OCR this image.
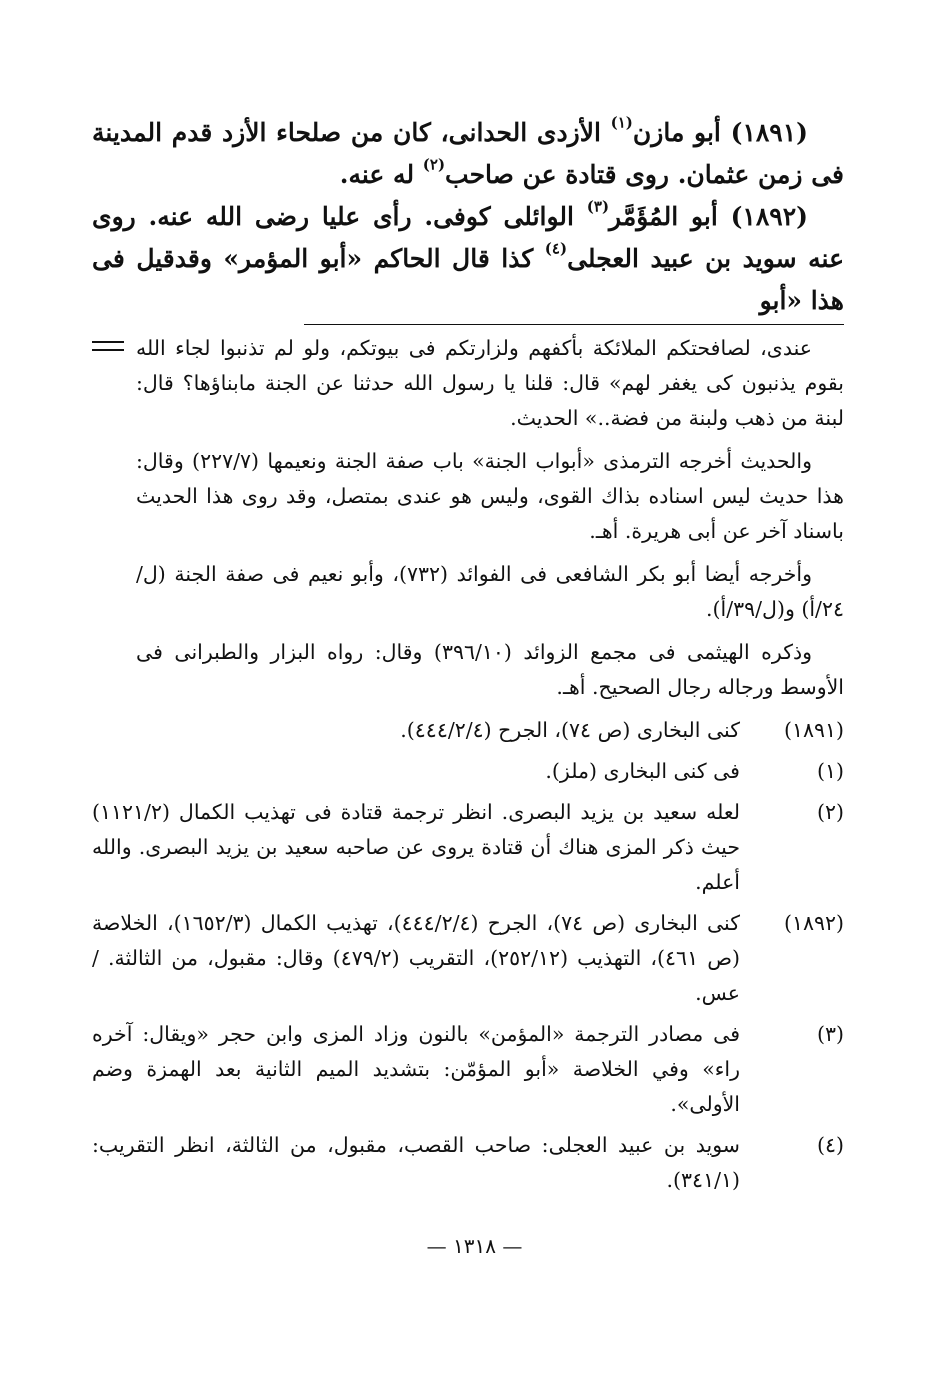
(١٨٩١) أبو مازن$^{(١)}$ الأزدى الحدانى، كان من صلحاء الأزد قدم المدينة فى زمن عثمان. روى قتادة عن صاحب$^{(٢)}$ له عنه.

(١٨٩٢) أبو المُؤَمَّر$^{(٣)}$ الوائلى كوفى. رأى عليا رضى الله عنه. روى عنه سويد بن عبيد العجلى$^{(٤)}$ كذا قال الحاكم «أبو المؤمر» وقدقيل فى هذا «أبو

عندى، لصافحتكم الملائكة بأكفهم ولزارتكم فى بيوتكم، ولو لم تذنبوا لجاء الله بقوم يذنبون كى يغفر لهم» قال: قلنا يا رسول الله حدثنا عن الجنة مابناؤها؟ قال: لبنة من ذهب ولبنة من فضة..» الحديث.

والحديث أخرجه الترمذى «أبواب الجنة» باب صفة الجنة ونعيمها (٢٢٧/٧) وقال: هذا حديث ليس اسناده بذاك القوى، وليس هو عندى بمتصل، وقد روى هذا الحديث باسناد آخر عن أبى هريرة. أهـ.

وأخرجه أيضا أبو بكر الشافعى فى الفوائد (٧٣٢)، وأبو نعيم فى صفة الجنة (ل/٢٤/أ) و(ل/٣٩/أ).

وذكره الهيثمى فى مجمع الزوائد (٣٩٦/١٠) وقال: رواه البزار والطبرانى فى الأوسط ورجاله رجال الصحيح. أهـ.

(١٨٩١)
كنى البخارى (ص ٧٤)، الجرح (٤٤٤/٢/٤).
(١)
فى كنى البخارى (ملز).
(٢)
لعله سعيد بن يزيد البصرى. انظر ترجمة قتادة فى تهذيب الكمال (١١٢١/٢) حيث ذكر المزى هناك أن قتادة يروى عن صاحبه سعيد بن يزيد البصرى. والله أعلم.
(١٨٩٢)
كنى البخارى (ص ٧٤)، الجرح (٤٤٤/٢/٤)، تهذيب الكمال (١٦٥٢/٣)، الخلاصة (ص ٤٦١)، التهذيب (٢٥٢/١٢)، التقريب (٤٧٩/٢) وقال: مقبول، من الثالثة. /عس.
(٣)
فى مصادر الترجمة «المؤمن» بالنون وزاد المزى وابن حجر «ويقال: آخره راء» وفي الخلاصة «أبو المؤمّن: بتشديد الميم الثانية بعد الهمزة وضم الأولى».
(٤)
سويد بن عبيد العجلى: صاحب القصب، مقبول، من الثالثة، انظر التقريب: (٣٤١/١).
— ١٣١٨ —
